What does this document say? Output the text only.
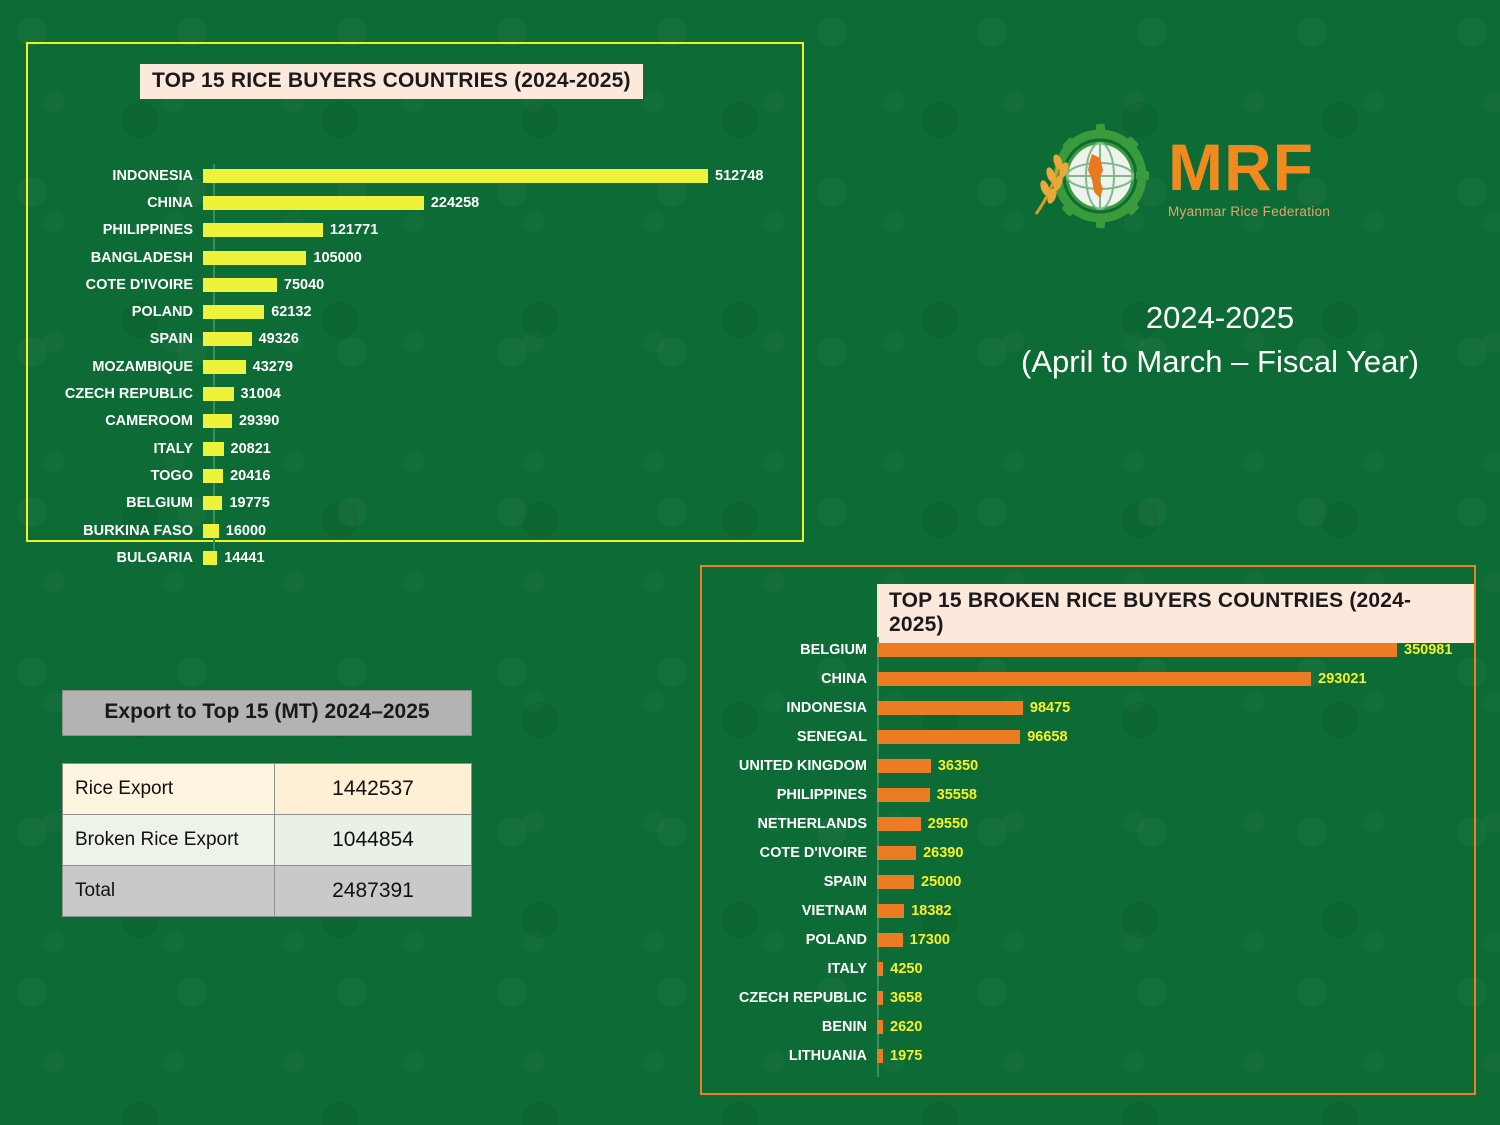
TOP 15 RICE BUYERS COUNTRIES (2024-2025)
INDONESIA	512748
CHINA	224258
PHILIPPINES	121771
BANGLADESH	105000
COTE D'IVOIRE	75040
POLAND	62132
SPAIN	49326
MOZAMBIQUE	43279
CZECH REPUBLIC	31004
CAMEROOM	29390
ITALY	20821
TOGO	20416
BELGIUM	19775
BURKINA FASO	16000
BULGARIA	14441
MRF
Myanmar Rice Federation
2024-2025
(April to March – Fiscal Year)
Export to Top 15 (MT) 2024–2025
Rice Export	1442537
Broken Rice Export	1044854
Total	2487391
TOP 15 BROKEN RICE BUYERS COUNTRIES (2024-2025)
BELGIUM	350981
CHINA	293021
INDONESIA	98475
SENEGAL	96658
UNITED KINGDOM	36350
PHILIPPINES	35558
NETHERLANDS	29550
COTE D'IVOIRE	26390
SPAIN	25000
VIETNAM	18382
POLAND	17300
ITALY	4250
CZECH REPUBLIC	3658
BENIN	2620
LITHUANIA	1975
